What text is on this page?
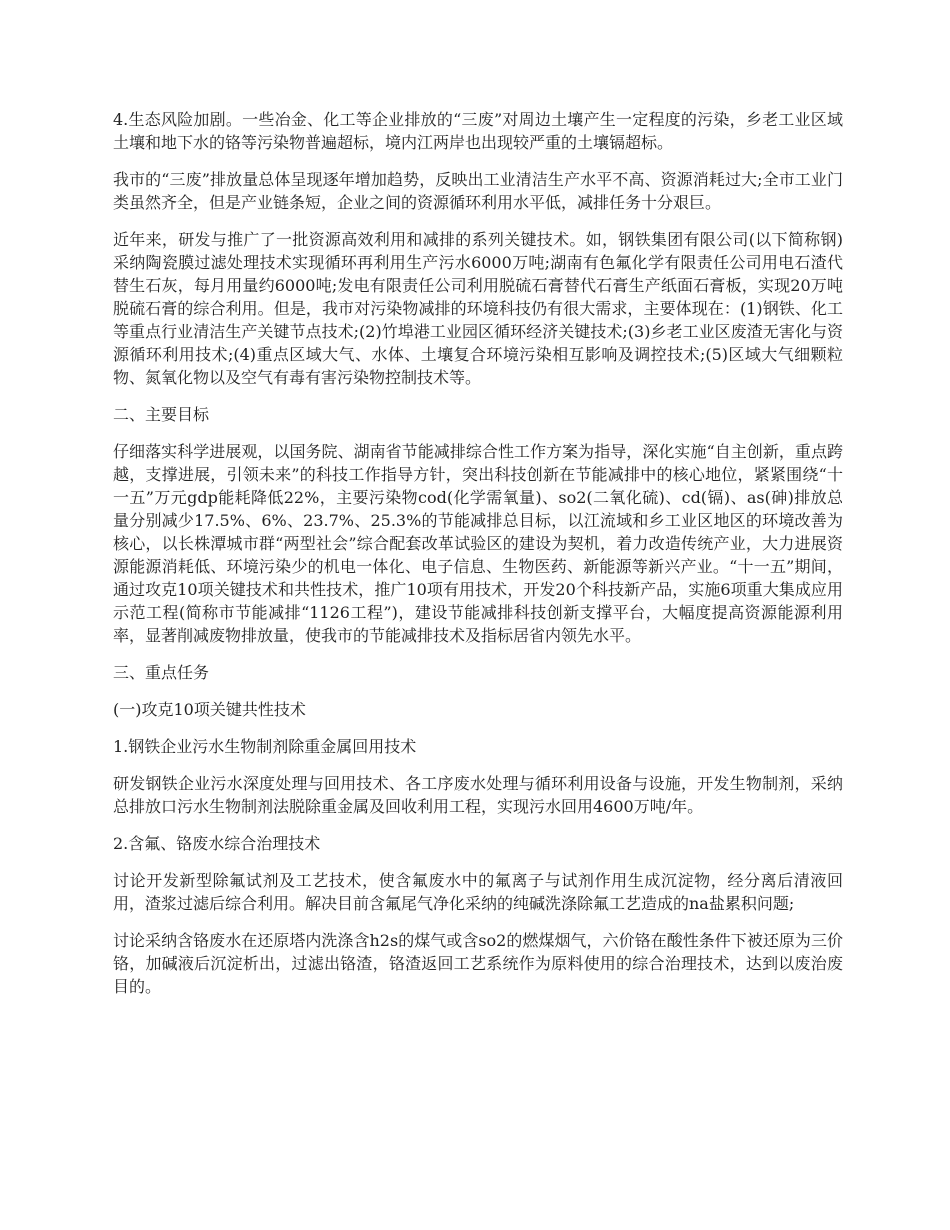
4.生态风险加剧。一些冶金、化工等企业排放的“三废”对周边土壤产生一定程度的污染，乡老工业区域土壤和地下水的铬等污染物普遍超标，境内江两岸也出现较严重的土壤镉超标。

我市的“三废”排放量总体呈现逐年增加趋势，反映出工业清洁生产水平不高、资源消耗过大;全市工业门类虽然齐全，但是产业链条短，企业之间的资源循环利用水平低，减排任务十分艰巨。

近年来，研发与推广了一批资源高效利用和减排的系列关键技术。如，钢铁集团有限公司(以下简称钢)采纳陶瓷膜过滤处理技术实现循环再利用生产污水6000万吨;湖南有色氟化学有限责任公司用电石渣代替生石灰，每月用量约6000吨;发电有限责任公司利用脱硫石膏替代石膏生产纸面石膏板，实现20万吨脱硫石膏的综合利用。但是，我市对污染物减排的环境科技仍有很大需求，主要体现在：(1)钢铁、化工等重点行业清洁生产关键节点技术;(2)竹埠港工业园区循环经济关键技术;(3)乡老工业区废渣无害化与资源循环利用技术;(4)重点区域大气、水体、土壤复合环境污染相互影响及调控技术;(5)区域大气细颗粒物、氮氧化物以及空气有毒有害污染物控制技术等。

二、主要目标

仔细落实科学进展观，以国务院、湖南省节能减排综合性工作方案为指导，深化实施“自主创新，重点跨越，支撑进展，引领未来”的科技工作指导方针，突出科技创新在节能减排中的核心地位，紧紧围绕“十一五”万元gdp能耗降低22%，主要污染物cod(化学需氧量)、so2(二氧化硫)、cd(镉)、as(砷)排放总量分别减少17.5%、6%、23.7%、25.3%的节能减排总目标，以江流域和乡工业区地区的环境改善为核心，以长株潭城市群“两型社会”综合配套改革试验区的建设为契机，着力改造传统产业，大力进展资源能源消耗低、环境污染少的机电一体化、电子信息、生物医药、新能源等新兴产业。“十一五”期间，通过攻克10项关键技术和共性技术，推广10项有用技术，开发20个科技新产品，实施6项重大集成应用示范工程(简称市节能减排“1126工程”)，建设节能减排科技创新支撑平台，大幅度提高资源能源利用率，显著削减废物排放量，使我市的节能减排技术及指标居省内领先水平。

三、重点任务

(一)攻克10项关键共性技术

1.钢铁企业污水生物制剂除重金属回用技术

研发钢铁企业污水深度处理与回用技术、各工序废水处理与循环利用设备与设施，开发生物制剂，采纳总排放口污水生物制剂法脱除重金属及回收利用工程，实现污水回用4600万吨/年。

2.含氟、铬废水综合治理技术

讨论开发新型除氟试剂及工艺技术，使含氟废水中的氟离子与试剂作用生成沉淀物，经分离后清液回用，渣浆过滤后综合利用。解决目前含氟尾气净化采纳的纯碱洗涤除氟工艺造成的na盐累积问题;

讨论采纳含铬废水在还原塔内洗涤含h2s的煤气或含so2的燃煤烟气，六价铬在酸性条件下被还原为三价铬，加碱液后沉淀析出，过滤出铬渣，铬渣返回工艺系统作为原料使用的综合治理技术，达到以废治废目的。
